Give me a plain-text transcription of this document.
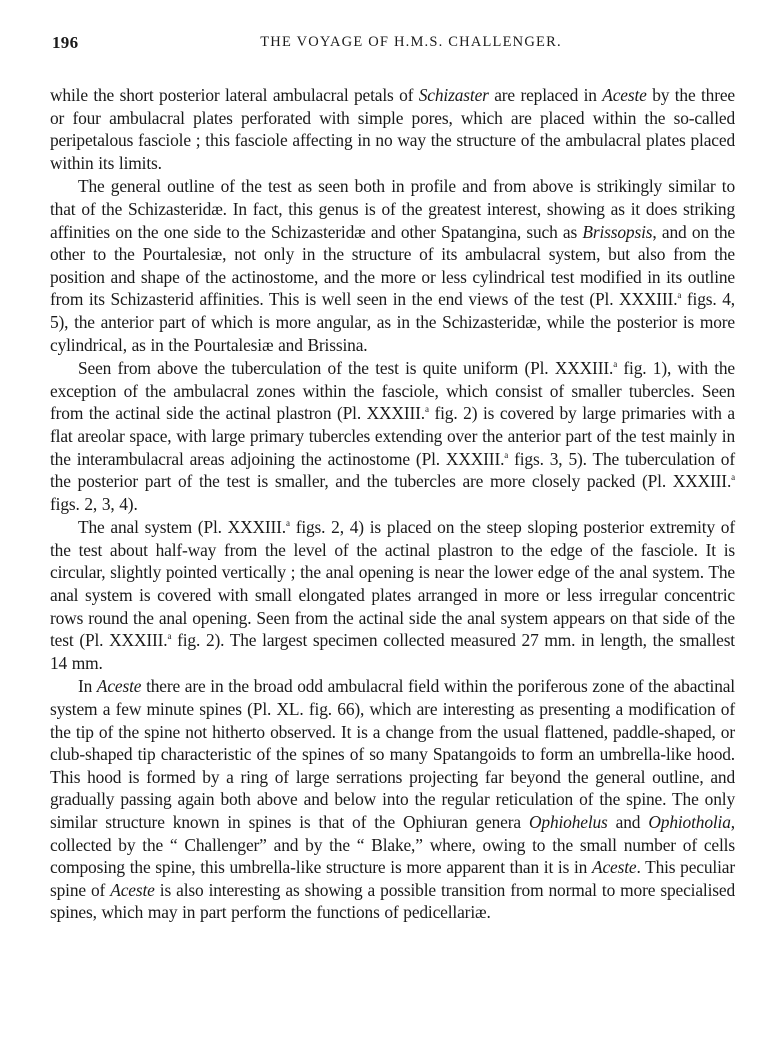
196	THE VOYAGE OF H.M.S. CHALLENGER.

while the short posterior lateral ambulacral petals of Schizaster are replaced in Aceste by the three or four ambulacral plates perforated with simple pores, which are placed within the so-called peripetalous fasciole ; this fasciole affecting in no way the structure of the ambulacral plates placed within its limits.

The general outline of the test as seen both in profile and from above is strikingly similar to that of the Schizasteridæ. In fact, this genus is of the greatest interest, showing as it does striking affinities on the one side to the Schizasteridæ and other Spatangina, such as Brissopsis, and on the other to the Pourtalesiæ, not only in the structure of its ambulacral system, but also from the position and shape of the actinostome, and the more or less cylindrical test modified in its outline from its Schizasterid affinities. This is well seen in the end views of the test (Pl. XXXIII.$^a$ figs. 4, 5), the anterior part of which is more angular, as in the Schizasteridæ, while the posterior is more cylindrical, as in the Pourtalesiæ and Brissina.

Seen from above the tuberculation of the test is quite uniform (Pl. XXXIII.$^a$ fig. 1), with the exception of the ambulacral zones within the fasciole, which consist of smaller tubercles. Seen from the actinal side the actinal plastron (Pl. XXXIII.$^a$ fig. 2) is covered by large primaries with a flat areolar space, with large primary tubercles extending over the anterior part of the test mainly in the interambulacral areas adjoining the actinostome (Pl. XXXIII.$^a$ figs. 3, 5). The tuberculation of the posterior part of the test is smaller, and the tubercles are more closely packed (Pl. XXXIII.$^a$ figs. 2, 3, 4).

The anal system (Pl. XXXIII.$^a$ figs. 2, 4) is placed on the steep sloping posterior extremity of the test about half-way from the level of the actinal plastron to the edge of the fasciole. It is circular, slightly pointed vertically ; the anal opening is near the lower edge of the anal system. The anal system is covered with small elongated plates arranged in more or less irregular concentric rows round the anal opening. Seen from the actinal side the anal system appears on that side of the test (Pl. XXXIII.$^a$ fig. 2). The largest specimen collected measured 27 mm. in length, the smallest 14 mm.

In Aceste there are in the broad odd ambulacral field within the poriferous zone of the abactinal system a few minute spines (Pl. XL. fig. 66), which are interesting as presenting a modification of the tip of the spine not hitherto observed. It is a change from the usual flattened, paddle-shaped, or club-shaped tip characteristic of the spines of so many Spatangoids to form an umbrella-like hood. This hood is formed by a ring of large serrations projecting far beyond the general outline, and gradually passing again both above and below into the regular reticulation of the spine. The only similar structure known in spines is that of the Ophiuran genera Ophiohelus and Ophiotholia, collected by the “ Challenger” and by the “ Blake,” where, owing to the small number of cells composing the spine, this umbrella-like structure is more apparent than it is in Aceste. This peculiar spine of Aceste is also interesting as showing a possible transition from normal to more specialised spines, which may in part perform the functions of pedicellariæ.
